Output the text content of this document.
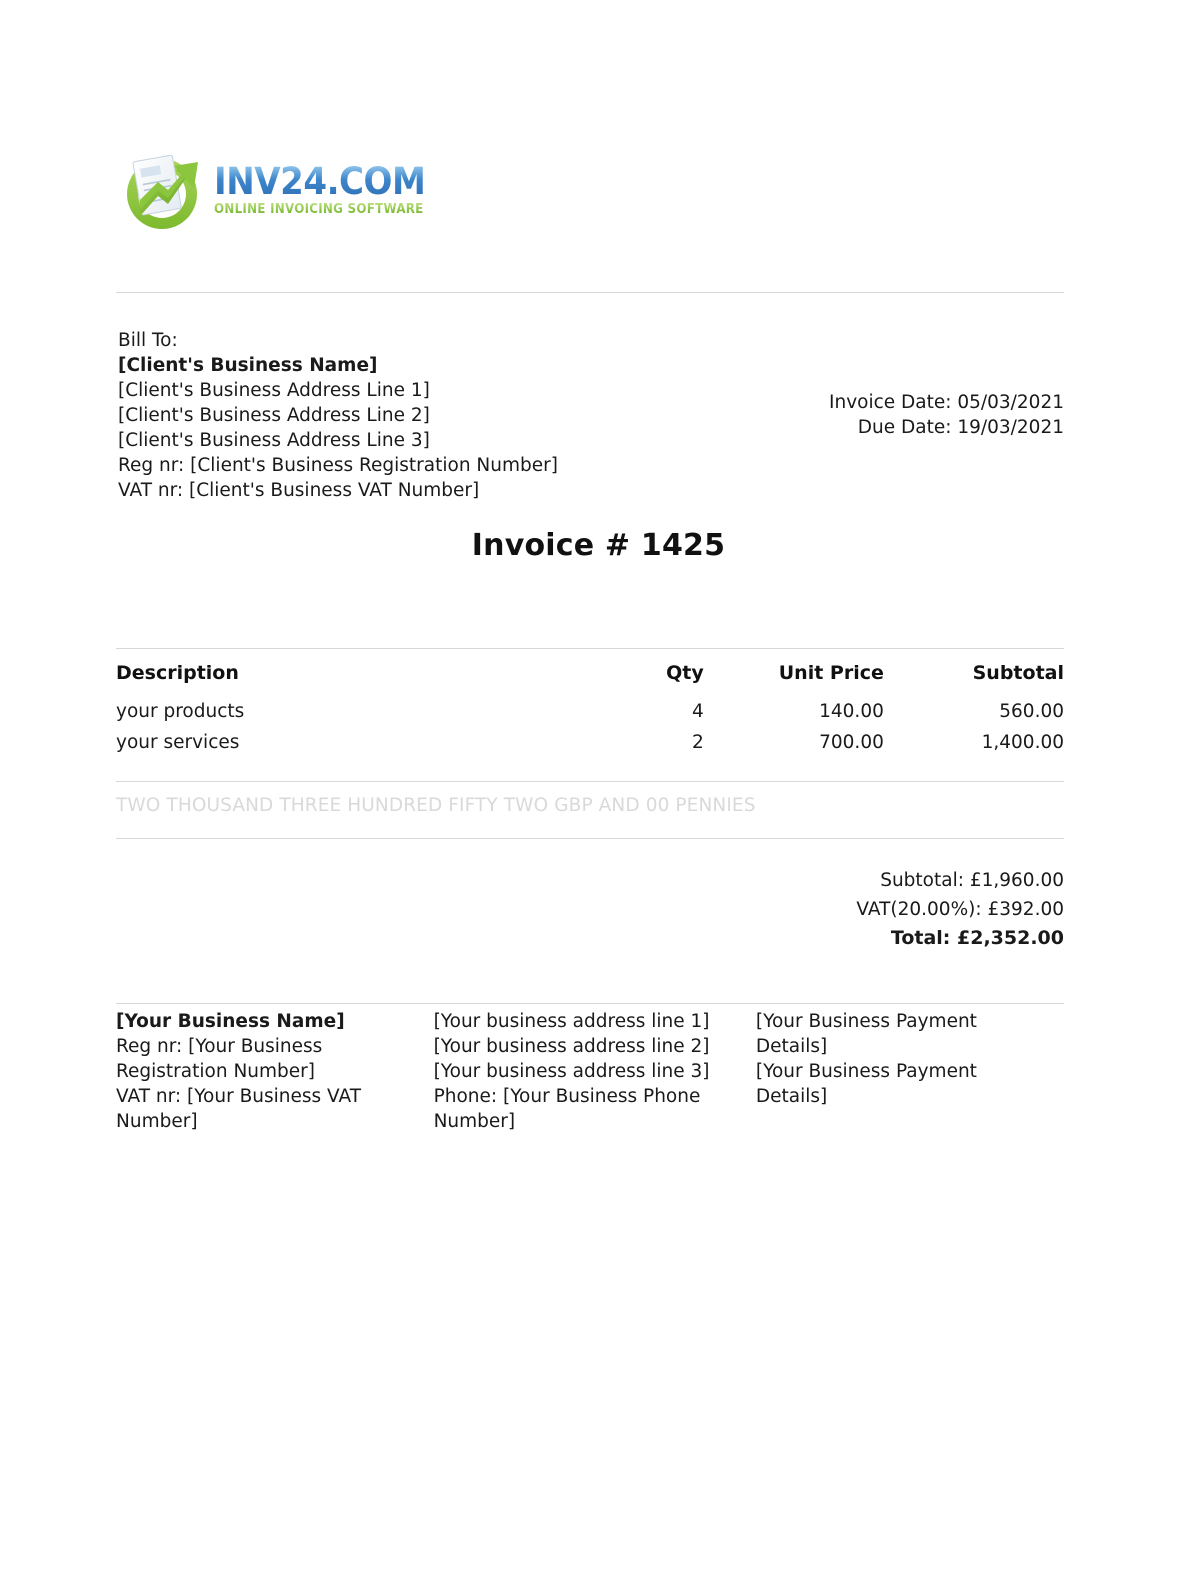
INV24.COM
ONLINE INVOICING SOFTWARE
Bill To:
[Client's Business Name]
[Client's Business Address Line 1]
[Client's Business Address Line 2]
[Client's Business Address Line 3]
Reg nr: [Client's Business Registration Number]
VAT nr: [Client's Business VAT Number]
Invoice Date: 05/03/2021
Due Date: 19/03/2021
Invoice # 1425
Description	Qty	Unit Price	Subtotal
your products	4	140.00	560.00
your services	2	700.00	1,400.00
TWO THOUSAND THREE HUNDRED FIFTY TWO GBP AND 00 PENNIES
Subtotal: £1,960.00
VAT(20.00%): £392.00
Total: £2,352.00
[Your Business Name]
Reg nr: [Your Business Registration Number]
VAT nr: [Your Business VAT Number]
[Your business address line 1]
[Your business address line 2]
[Your business address line 3]
Phone: [Your Business Phone Number]
[Your Business Payment Details]
[Your Business Payment Details]
